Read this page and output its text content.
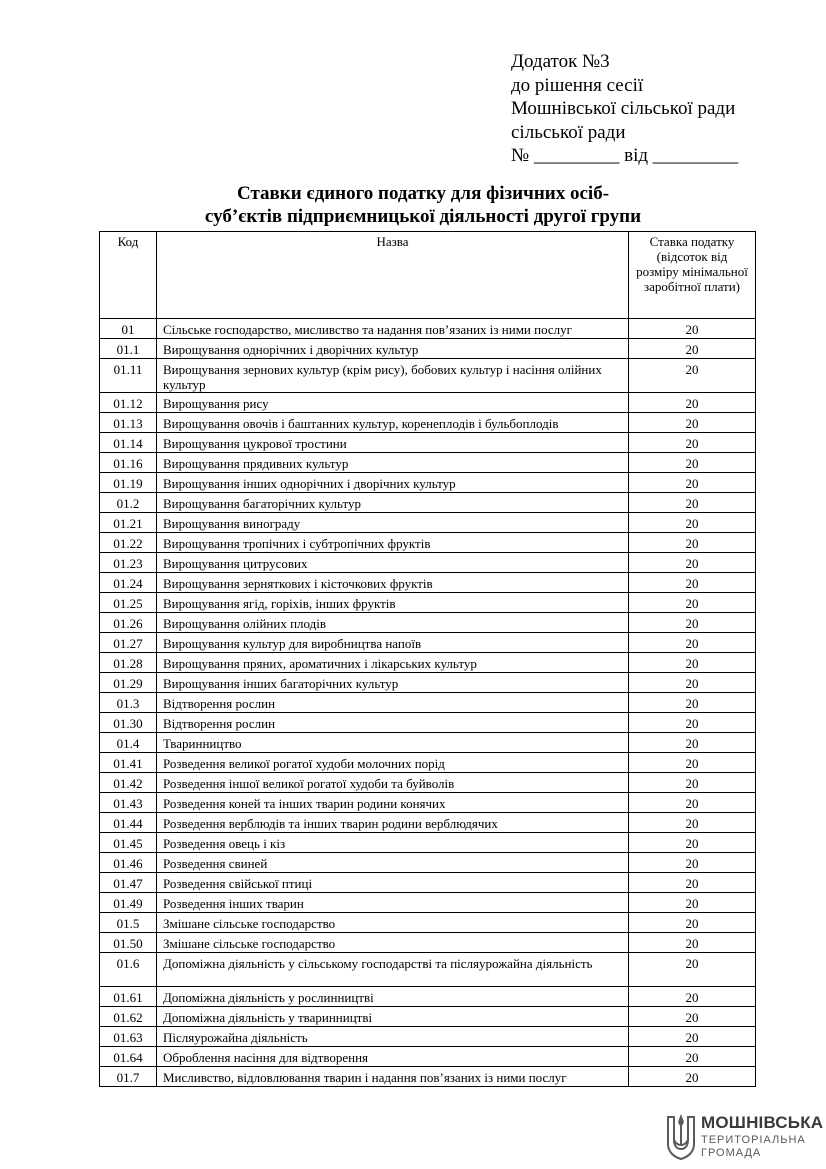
Додаток №3
до рішення сесії
Мошнівської сільської ради
сільської ради
№ _________ від _________
Ставки єдиного податку для фізичних осіб-
суб’єктів підприємницької діяльності другої групи
Код	Назва	Ставка податку (відсоток від розміру мінімальної заробітної плати)
01	Сільське господарство, мисливство та надання пов’язаних із ними послуг	20
01.1	Вирощування однорічних і дворічних культур	20
01.11	Вирощування зернових культур (крім рису), бобових культур і насіння олійних культур	20
01.12	Вирощування рису	20
01.13	Вирощування овочів і баштанних культур, коренеплодів і бульбоплодів	20
01.14	Вирощування цукрової тростини	20
01.16	Вирощування прядивних культур	20
01.19	Вирощування інших однорічних і дворічних культур	20
01.2	Вирощування багаторічних культур	20
01.21	Вирощування винограду	20
01.22	Вирощування тропічних і субтропічних фруктів	20
01.23	Вирощування цитрусових	20
01.24	Вирощування зерняткових і кісточкових фруктів	20
01.25	Вирощування ягід, горіхів, інших фруктів	20
01.26	Вирощування олійних плодів	20
01.27	Вирощування культур для виробництва напоїв	20
01.28	Вирощування пряних, ароматичних і лікарських культур	20
01.29	Вирощування інших багаторічних культур	20
01.3	Відтворення рослин	20
01.30	Відтворення рослин	20
01.4	Тваринництво	20
01.41	Розведення великої рогатої худоби молочних порід	20
01.42	Розведення іншої великої рогатої худоби та буйволів	20
01.43	Розведення коней та інших тварин родини конячих	20
01.44	Розведення верблюдів та інших тварин родини верблюдячих	20
01.45	Розведення овець і кіз	20
01.46	Розведення свиней	20
01.47	Розведення свійської птиці	20
01.49	Розведення інших тварин	20
01.5	Змішане сільське господарство	20
01.50	Змішане сільське господарство	20
01.6	Допоміжна діяльність у сільському господарстві та післяурожайна діяльність	20
01.61	Допоміжна діяльність у рослинництві	20
01.62	Допоміжна діяльність у тваринництві	20
01.63	Післяурожайна діяльність	20
01.64	Оброблення насіння для відтворення	20
01.7	Мисливство, відловлювання тварин і надання пов’язаних із ними послуг	20
МОШНІВСЬКА
ТЕРИТОРІАЛЬНА
ГРОМАДА
